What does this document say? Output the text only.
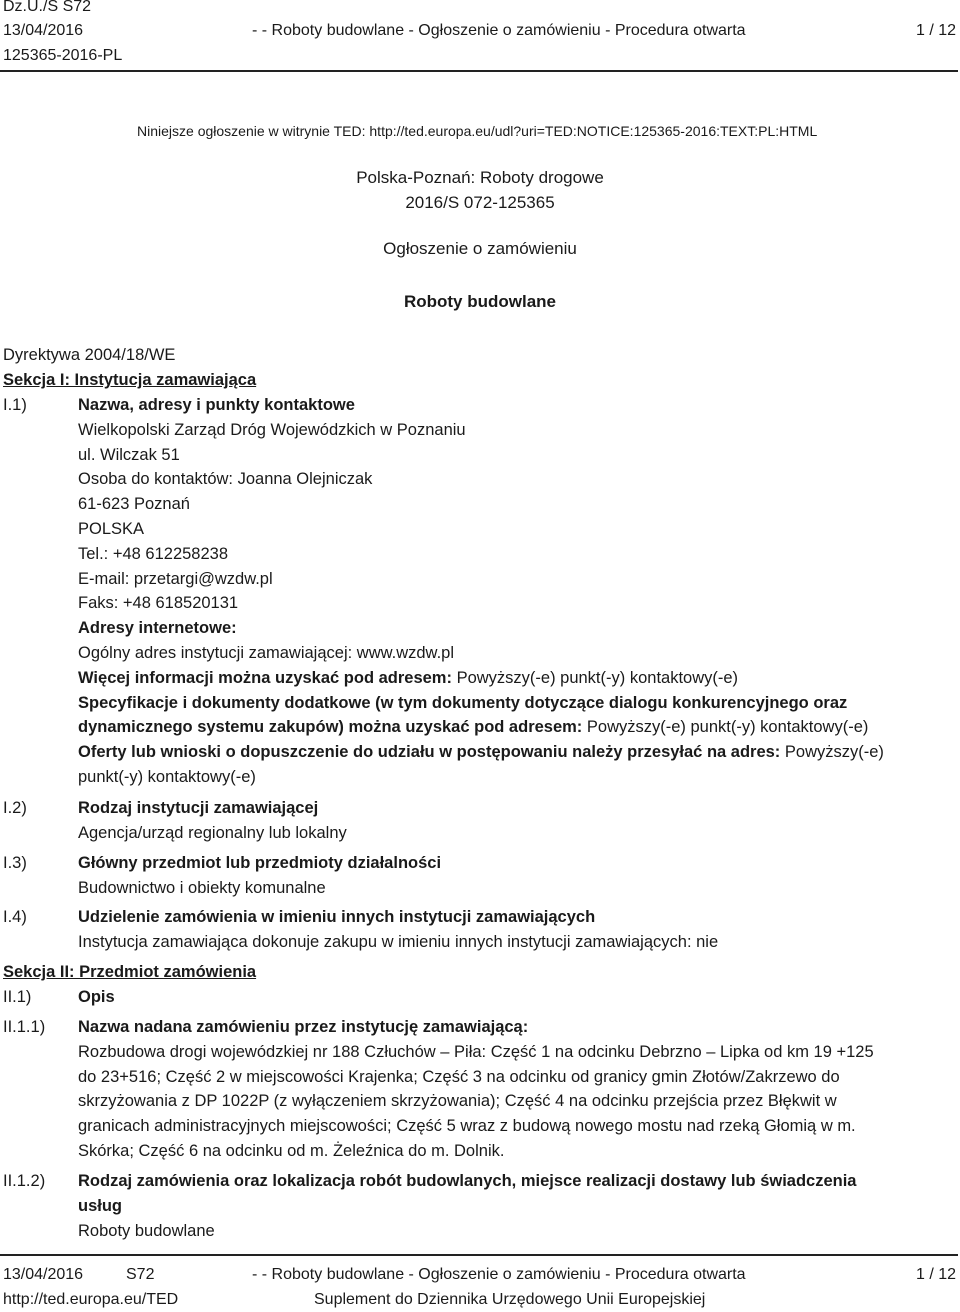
Dz.U./S S72
13/04/2016
125365-2016-PL
- - Roboty budowlane - Ogłoszenie o zamówieniu - Procedura otwarta	1 / 12
Niniejsze ogłoszenie w witrynie TED: http://ted.europa.eu/udl?uri=TED:NOTICE:125365-2016:TEXT:PL:HTML
Polska-Poznań: Roboty drogowe
2016/S 072-125365
Ogłoszenie o zamówieniu
Roboty budowlane
Dyrektywa 2004/18/WE
Sekcja I: Instytucja zamawiająca
I.1)	Nazwa, adresy i punkty kontaktowe
Wielkopolski Zarząd Dróg Wojewódzkich w Poznaniu
ul. Wilczak 51
Osoba do kontaktów: Joanna Olejniczak
61-623 Poznań
POLSKA
Tel.: +48 612258238
E-mail: przetargi@wzdw.pl
Faks: +48 618520131
Adresy internetowe:
Ogólny adres instytucji zamawiającej: www.wzdw.pl
Więcej informacji można uzyskać pod adresem: Powyższy(-e) punkt(-y) kontaktowy(-e)
Specyfikacje i dokumenty dodatkowe (w tym dokumenty dotyczące dialogu konkurencyjnego oraz
dynamicznego systemu zakupów) można uzyskać pod adresem: Powyższy(-e) punkt(-y) kontaktowy(-e)
Oferty lub wnioski o dopuszczenie do udziału w postępowaniu należy przesyłać na adres: Powyższy(-e)
punkt(-y) kontaktowy(-e)
I.2)	Rodzaj instytucji zamawiającej
Agencja/urząd regionalny lub lokalny
I.3)	Główny przedmiot lub przedmioty działalności
Budownictwo i obiekty komunalne
I.4)	Udzielenie zamówienia w imieniu innych instytucji zamawiających
Instytucja zamawiająca dokonuje zakupu w imieniu innych instytucji zamawiających: nie
Sekcja II: Przedmiot zamówienia
II.1)	Opis
II.1.1) Nazwa nadana zamówieniu przez instytucję zamawiającą:
Rozbudowa drogi wojewódzkiej nr 188 Człuchów – Piła: Część 1 na odcinku Debrzno – Lipka od km 19 +125
do 23+516; Część 2 w miejscowości Krajenka; Część 3 na odcinku od granicy gmin Złotów/Zakrzewo do
skrzyżowania z DP 1022P (z wyłączeniem skrzyżowania); Część 4 na odcinku przejścia przez Błękwit w
granicach administracyjnych miejscowości; Część 5 wraz z budową nowego mostu nad rzeką Głomią w m.
Skórka; Część 6 na odcinku od m. Żeleźnica do m. Dolnik.
II.1.2) Rodzaj zamówienia oraz lokalizacja robót budowlanych, miejsce realizacji dostawy lub świadczenia
usług
Roboty budowlane
13/04/2016	S72	- - Roboty budowlane - Ogłoszenie o zamówieniu - Procedura otwarta	1 / 12
http://ted.europa.eu/TED	Suplement do Dziennika Urzędowego Unii Europejskiej
